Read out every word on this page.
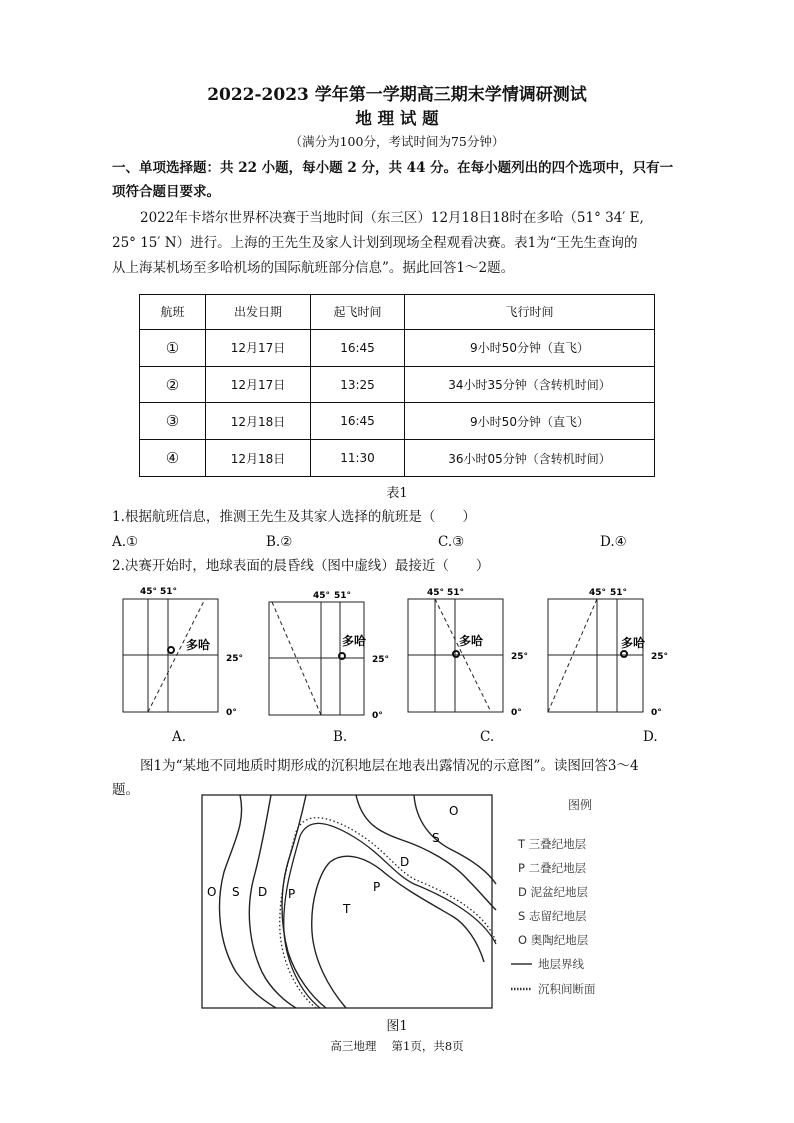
2022-2023 学年第一学期高三期末学情调研测试
地 理 试 题
（满分为100分，考试时间为75分钟）
一、单项选择题：共 22 小题，每小题 2 分，共 44 分。在每小题列出的四个选项中，只有一
项符合题目要求。
2022年卡塔尔世界杯决赛于当地时间（东三区）12月18日18时在多哈（51° 34′ E,
25° 15′ N）进行。上海的王先生及家人计划到现场全程观看决赛。表1为“王先生查询的
从上海某机场至多哈机场的国际航班部分信息”。据此回答1～2题。
航班	出发日期	起飞时间	飞行时间
①	12月17日	16:45	9小时50分钟（直飞）
②	12月17日	13:25	34小时35分钟（含转机时间）
③	12月18日	16:45	9小时50分钟（直飞）
④	12月18日	11:30	36小时05分钟（含转机时间）
表1
1.根据航班信息，推测王先生及其家人选择的航班是（　　）
A.①	B.②	C.③	D.④
2.决赛开始时，地球表面的晨昏线（图中虚线）最接近（　　）
45° 51°
25°
0°
多哈
45° 51°
25°
0°
多哈
45° 51°
25°
0°
多哈
45° 51°
25°
0°
多哈
A.	B.	C.	D.
图1为“某地不同地质时期形成的沉积地层在地表出露情况的示意图”。读图回答3～4
题。
O S D P
T
P
D
S
O	图例
T 三叠纪地层
P 二叠纪地层
D 泥盆纪地层
S 志留纪地层
O 奥陶纪地层
地层界线
沉积间断面
图1
高三地理　 第1页，共8页
